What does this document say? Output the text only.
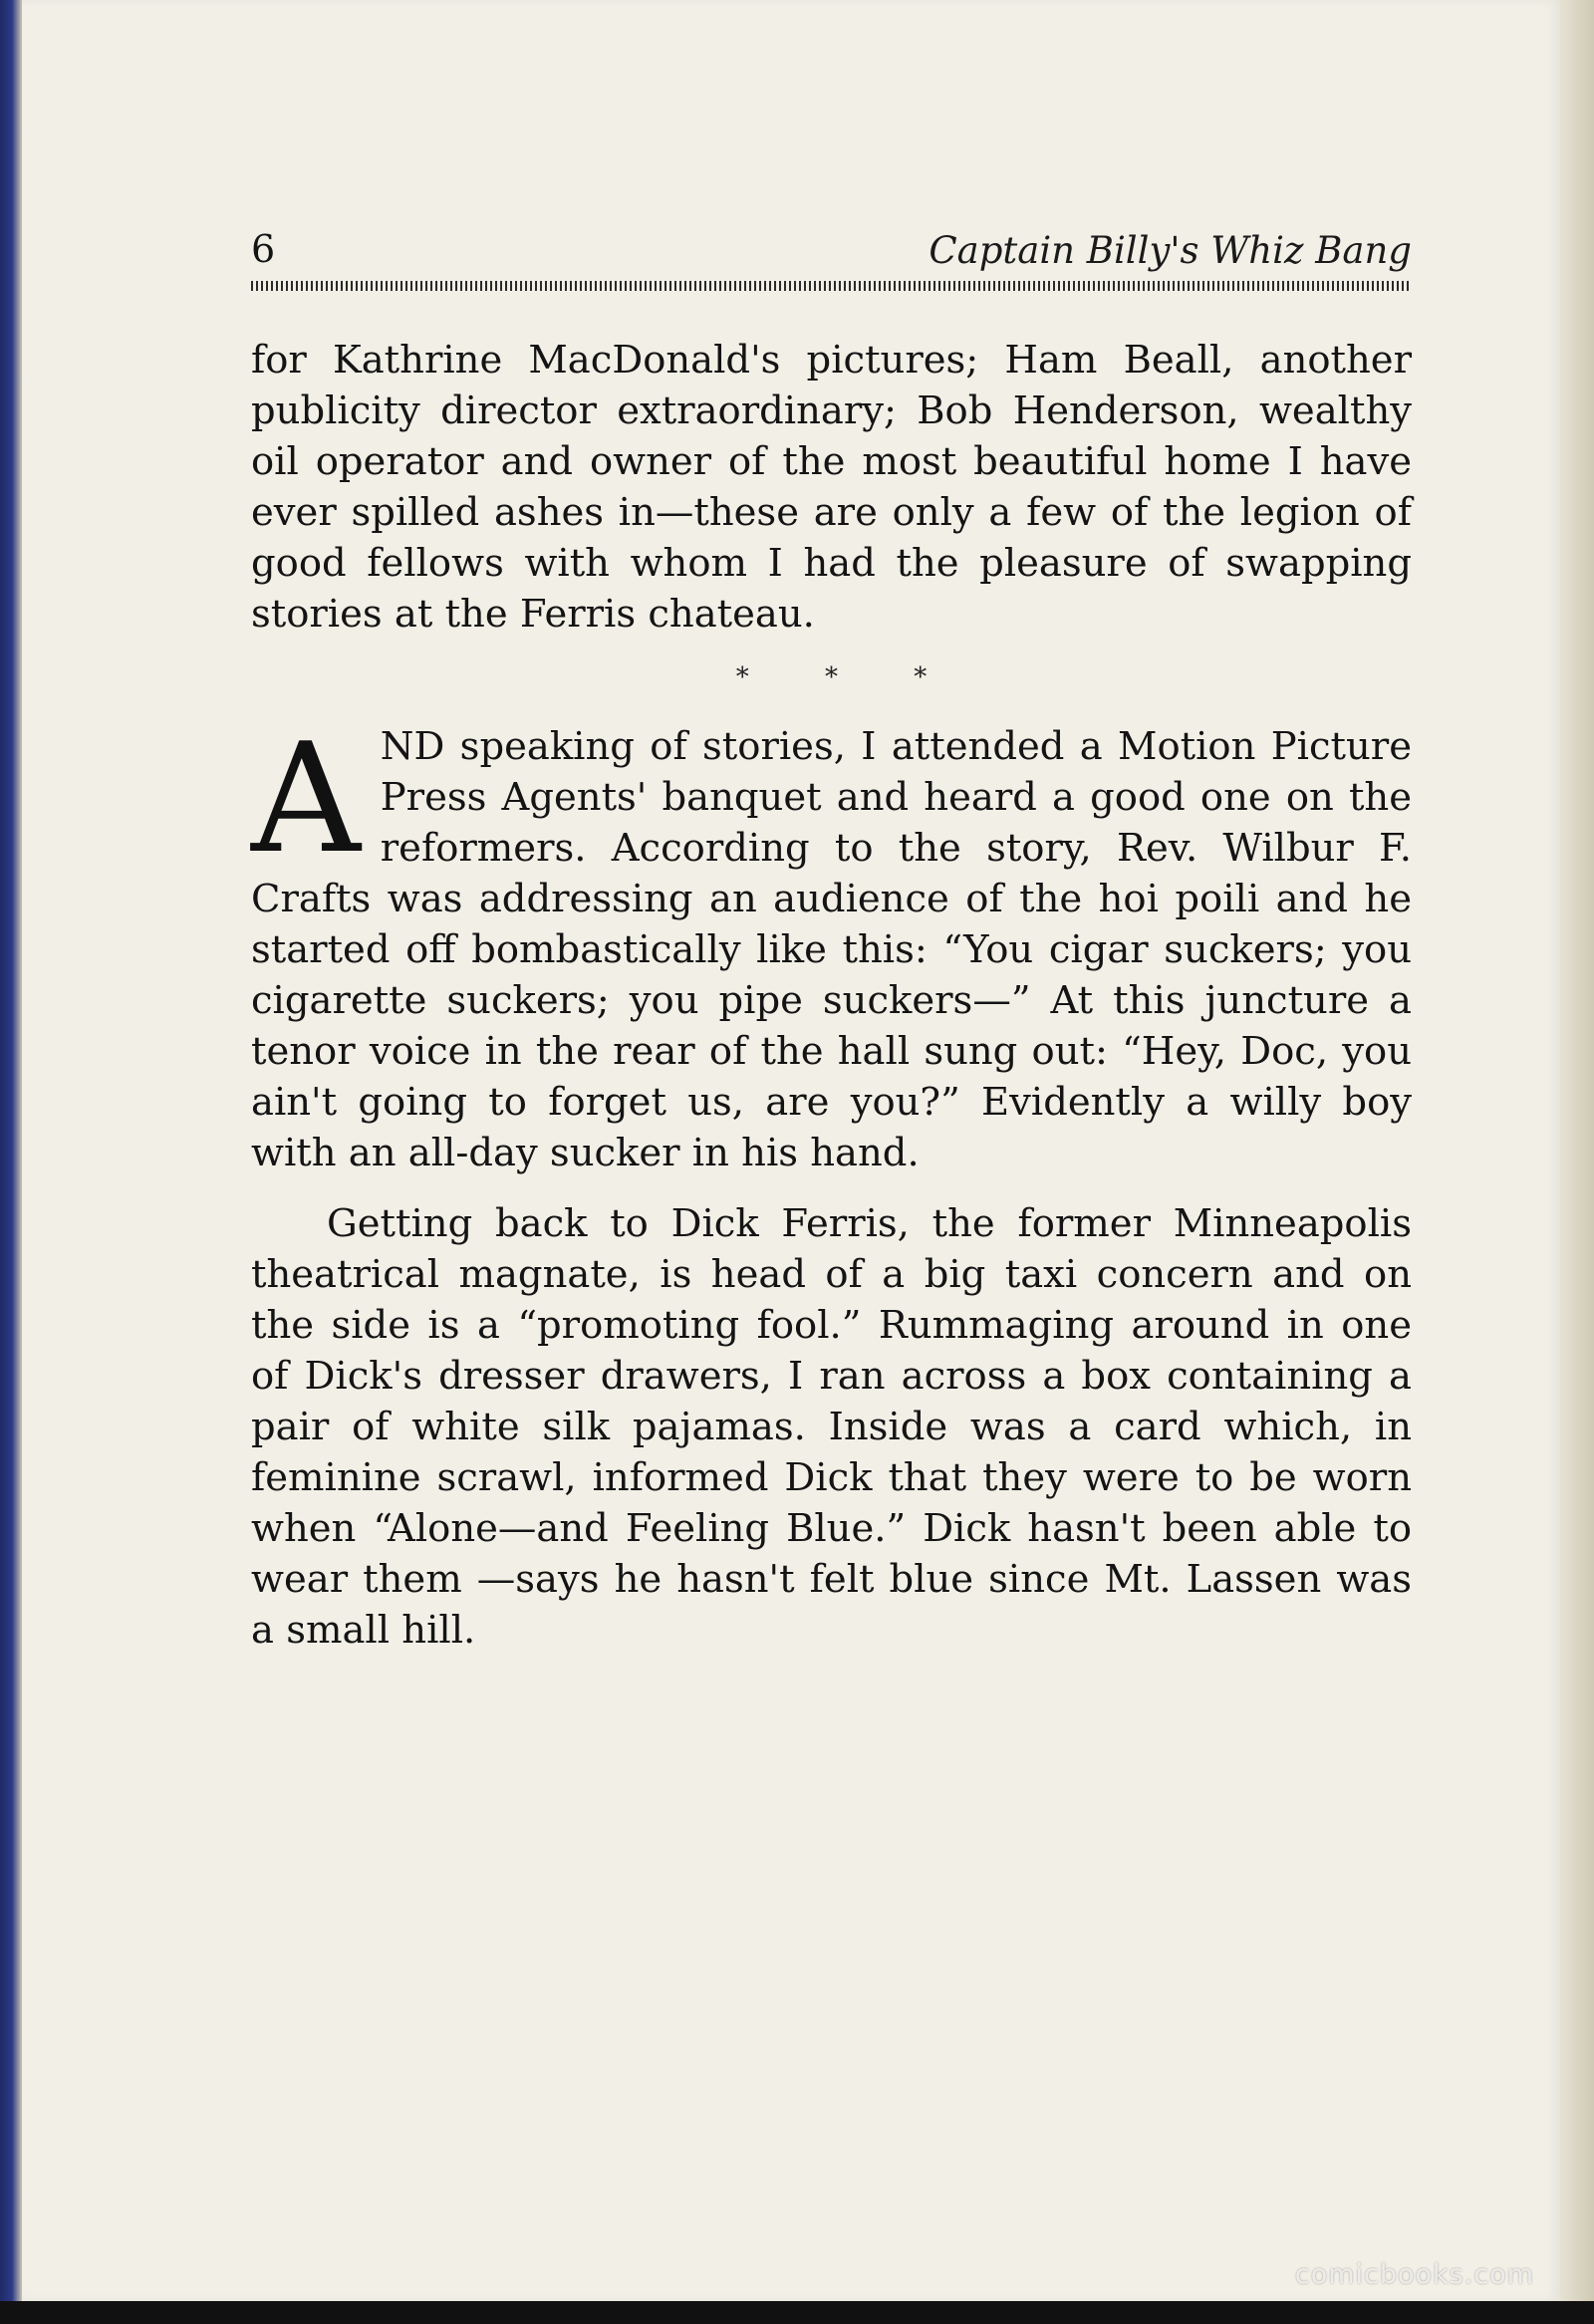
6	Captain Billy's Whiz Bang

for Kathrine MacDonald's pictures; Ham Beall, another publicity director extraordinary; Bob Henderson, wealthy oil operator and owner of the most beautiful home I have ever spilled ashes in—these are only a few of the legion of good fellows with whom I had the pleasure of swapping stories at the Ferris chateau.

* * *

AND speaking of stories, I attended a Motion Picture Press Agents' banquet and heard a good one on the reformers. According to the story, Rev. Wilbur F. Crafts was addressing an audience of the hoi poili and he started off bombastically like this: “You cigar suckers; you cigarette suckers; you pipe suckers—” At this juncture a tenor voice in the rear of the hall sung out: “Hey, Doc, you ain't going to forget us, are you?” Evidently a willy boy with an all-day sucker in his hand.

Getting back to Dick Ferris, the former Minneapolis theatrical magnate, is head of a big taxi concern and on the side is a “promoting fool.” Rummaging around in one of Dick's dresser drawers, I ran across a box containing a pair of white silk pajamas. Inside was a card which, in feminine scrawl, informed Dick that they were to be worn when “Alone—and Feeling Blue.” Dick hasn't been able to wear them —says he hasn't felt blue since Mt. Lassen was a small hill.

comicbooks.com
